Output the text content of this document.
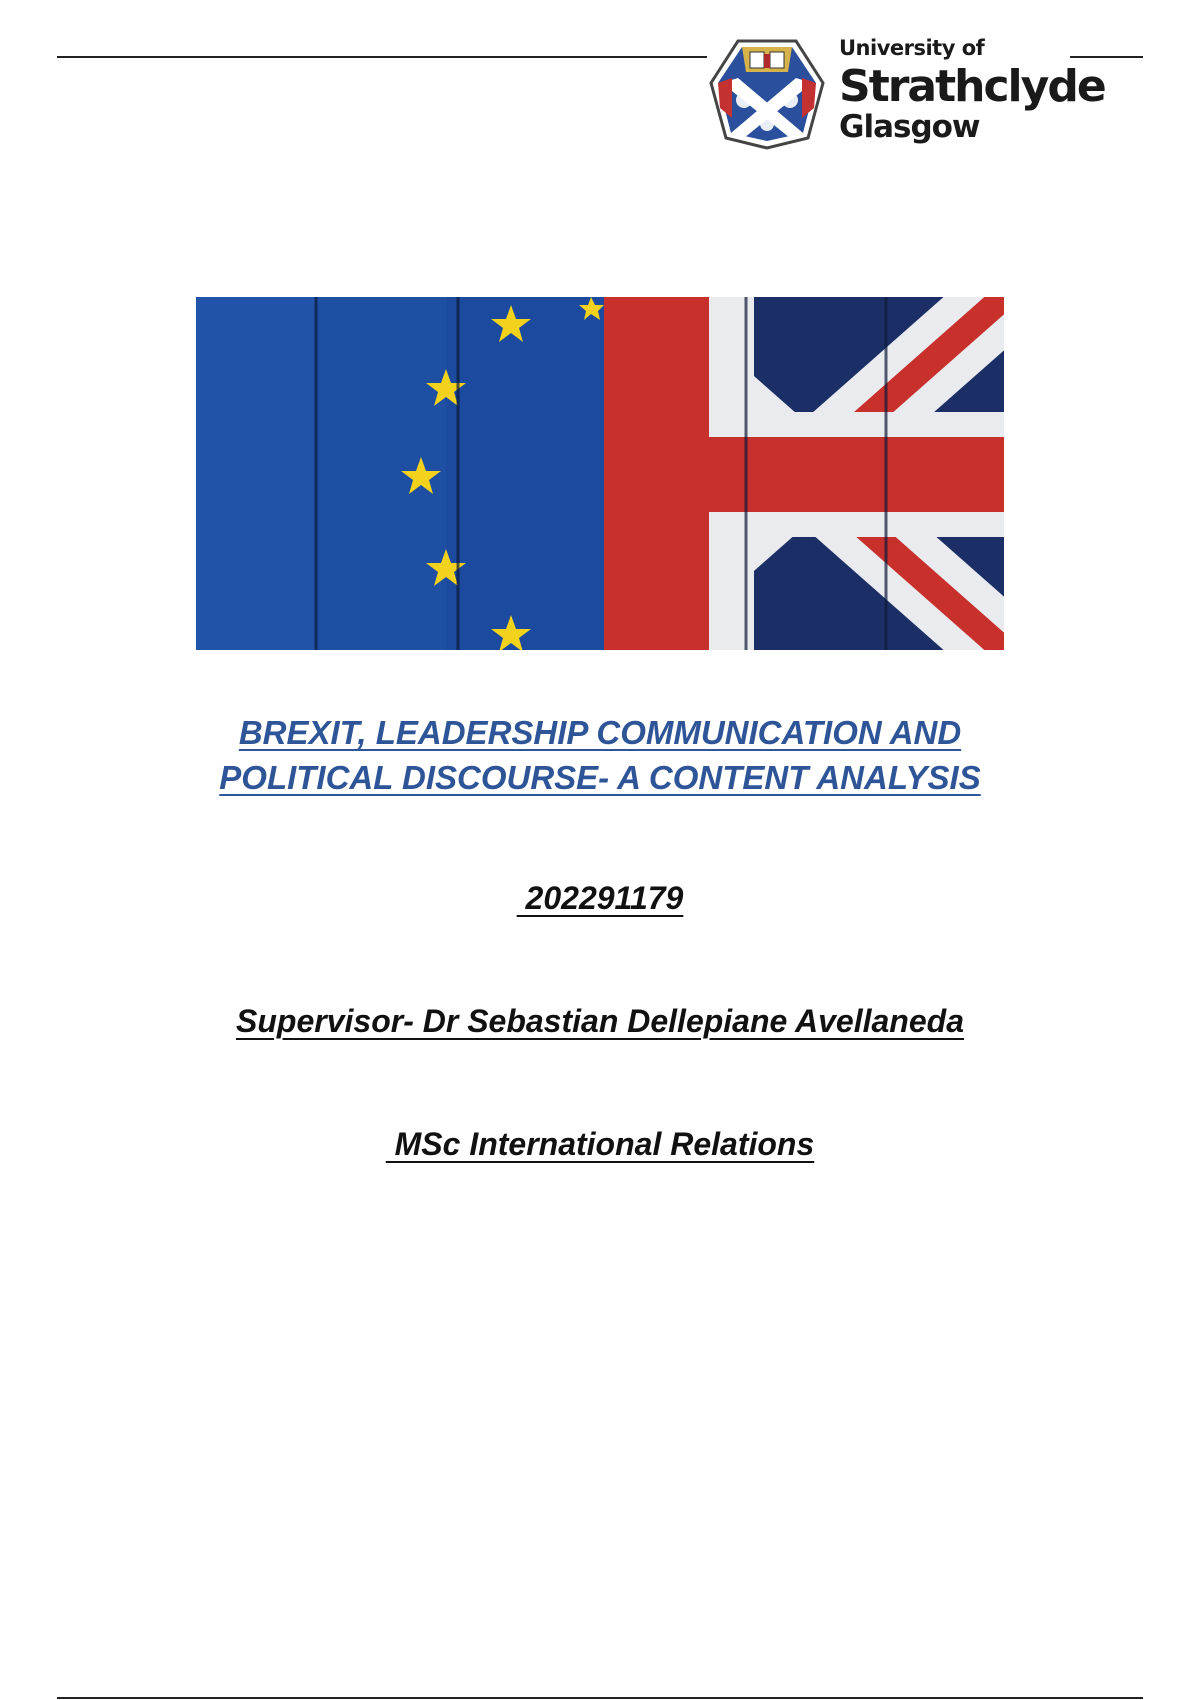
University of
Strathclyde
Glasgow
BREXIT, LEADERSHIP COMMUNICATION AND
POLITICAL DISCOURSE- A CONTENT ANALYSIS
202291179
Supervisor- Dr Sebastian Dellepiane Avellaneda
MSc International Relations
